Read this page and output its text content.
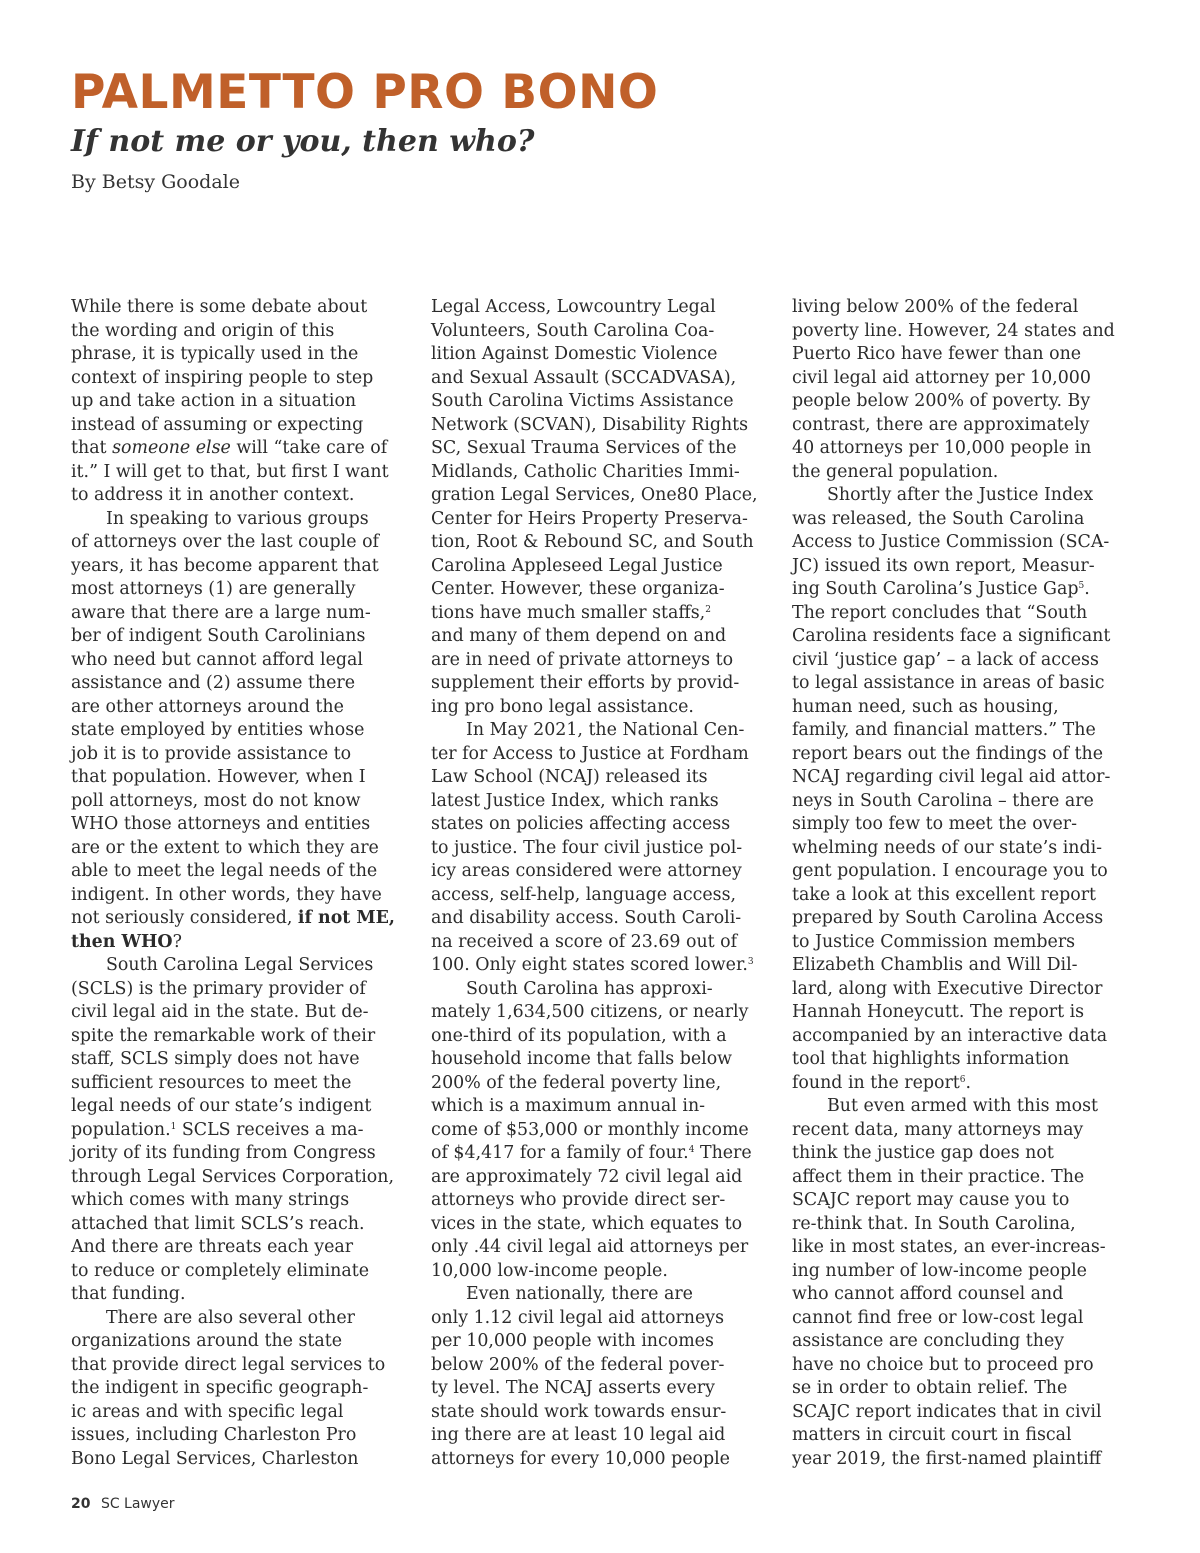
PALMETTO PRO BONO
If not me or you, then who?

By Betsy Goodale

While there is some debate about
the wording and origin of this
phrase, it is typically used in the
context of inspiring people to step
up and take action in a situation
instead of assuming or expecting
that someone else will “take care of
it.” I will get to that, but first I want
to address it in another context.
In speaking to various groups
of attorneys over the last couple of
years, it has become apparent that
most attorneys (1) are generally
aware that there are a large num-
ber of indigent South Carolinians
who need but cannot afford legal
assistance and (2) assume there
are other attorneys around the
state employed by entities whose
job it is to provide assistance to
that population. However, when I
poll attorneys, most do not know
WHO those attorneys and entities
are or the extent to which they are
able to meet the legal needs of the
indigent. In other words, they have
not seriously considered, if not ME,
then WHO?
South Carolina Legal Services
(SCLS) is the primary provider of
civil legal aid in the state. But de-
spite the remarkable work of their
staff, SCLS simply does not have
sufficient resources to meet the
legal needs of our state’s indigent
population.$^1$ SCLS receives a ma-
jority of its funding from Congress
through Legal Services Corporation,
which comes with many strings
attached that limit SCLS’s reach.
And there are threats each year
to reduce or completely eliminate
that funding.
There are also several other
organizations around the state
that provide direct legal services to
the indigent in specific geograph-
ic areas and with specific legal
issues, including Charleston Pro
Bono Legal Services, Charleston
Legal Access, Lowcountry Legal
Volunteers, South Carolina Coa-
lition Against Domestic Violence
and Sexual Assault (SCCADVASA),
South Carolina Victims Assistance
Network (SCVAN), Disability Rights
SC, Sexual Trauma Services of the
Midlands, Catholic Charities Immi-
gration Legal Services, One80 Place,
Center for Heirs Property Preserva-
tion, Root & Rebound SC, and South
Carolina Appleseed Legal Justice
Center. However, these organiza-
tions have much smaller staffs,$^2$
and many of them depend on and
are in need of private attorneys to
supplement their efforts by provid-
ing pro bono legal assistance.
In May 2021, the National Cen-
ter for Access to Justice at Fordham
Law School (NCAJ) released its
latest Justice Index, which ranks
states on policies affecting access
to justice. The four civil justice pol-
icy areas considered were attorney
access, self-help, language access,
and disability access. South Caroli-
na received a score of 23.69 out of
100. Only eight states scored lower.$^3$
South Carolina has approxi-
mately 1,634,500 citizens, or nearly
one-third of its population, with a
household income that falls below
200% of the federal poverty line,
which is a maximum annual in-
come of $53,000 or monthly income
of $4,417 for a family of four.$^4$ There
are approximately 72 civil legal aid
attorneys who provide direct ser-
vices in the state, which equates to
only .44 civil legal aid attorneys per
10,000 low-income people.
Even nationally, there are
only 1.12 civil legal aid attorneys
per 10,000 people with incomes
below 200% of the federal pover-
ty level. The NCAJ asserts every
state should work towards ensur-
ing there are at least 10 legal aid
attorneys for every 10,000 people
living below 200% of the federal
poverty line. However, 24 states and
Puerto Rico have fewer than one
civil legal aid attorney per 10,000
people below 200% of poverty. By
contrast, there are approximately
40 attorneys per 10,000 people in
the general population.
Shortly after the Justice Index
was released, the South Carolina
Access to Justice Commission (SCA-
JC) issued its own report, Measur-
ing South Carolina’s Justice Gap$^5$.
The report concludes that “South
Carolina residents face a significant
civil ‘justice gap’ – a lack of access
to legal assistance in areas of basic
human need, such as housing,
family, and financial matters.” The
report bears out the findings of the
NCAJ regarding civil legal aid attor-
neys in South Carolina – there are
simply too few to meet the over-
whelming needs of our state’s indi-
gent population. I encourage you to
take a look at this excellent report
prepared by South Carolina Access
to Justice Commission members
Elizabeth Chamblis and Will Dil-
lard, along with Executive Director
Hannah Honeycutt. The report is
accompanied by an interactive data
tool that highlights information
found in the report$^6$.
But even armed with this most
recent data, many attorneys may
think the justice gap does not
affect them in their practice. The
SCAJC report may cause you to
re-think that. In South Carolina,
like in most states, an ever-increas-
ing number of low-income people
who cannot afford counsel and
cannot find free or low-cost legal
assistance are concluding they
have no choice but to proceed pro
se in order to obtain relief. The
SCAJC report indicates that in civil
matters in circuit court in fiscal
year 2019, the first-named plaintiff
20 SC Lawyer
